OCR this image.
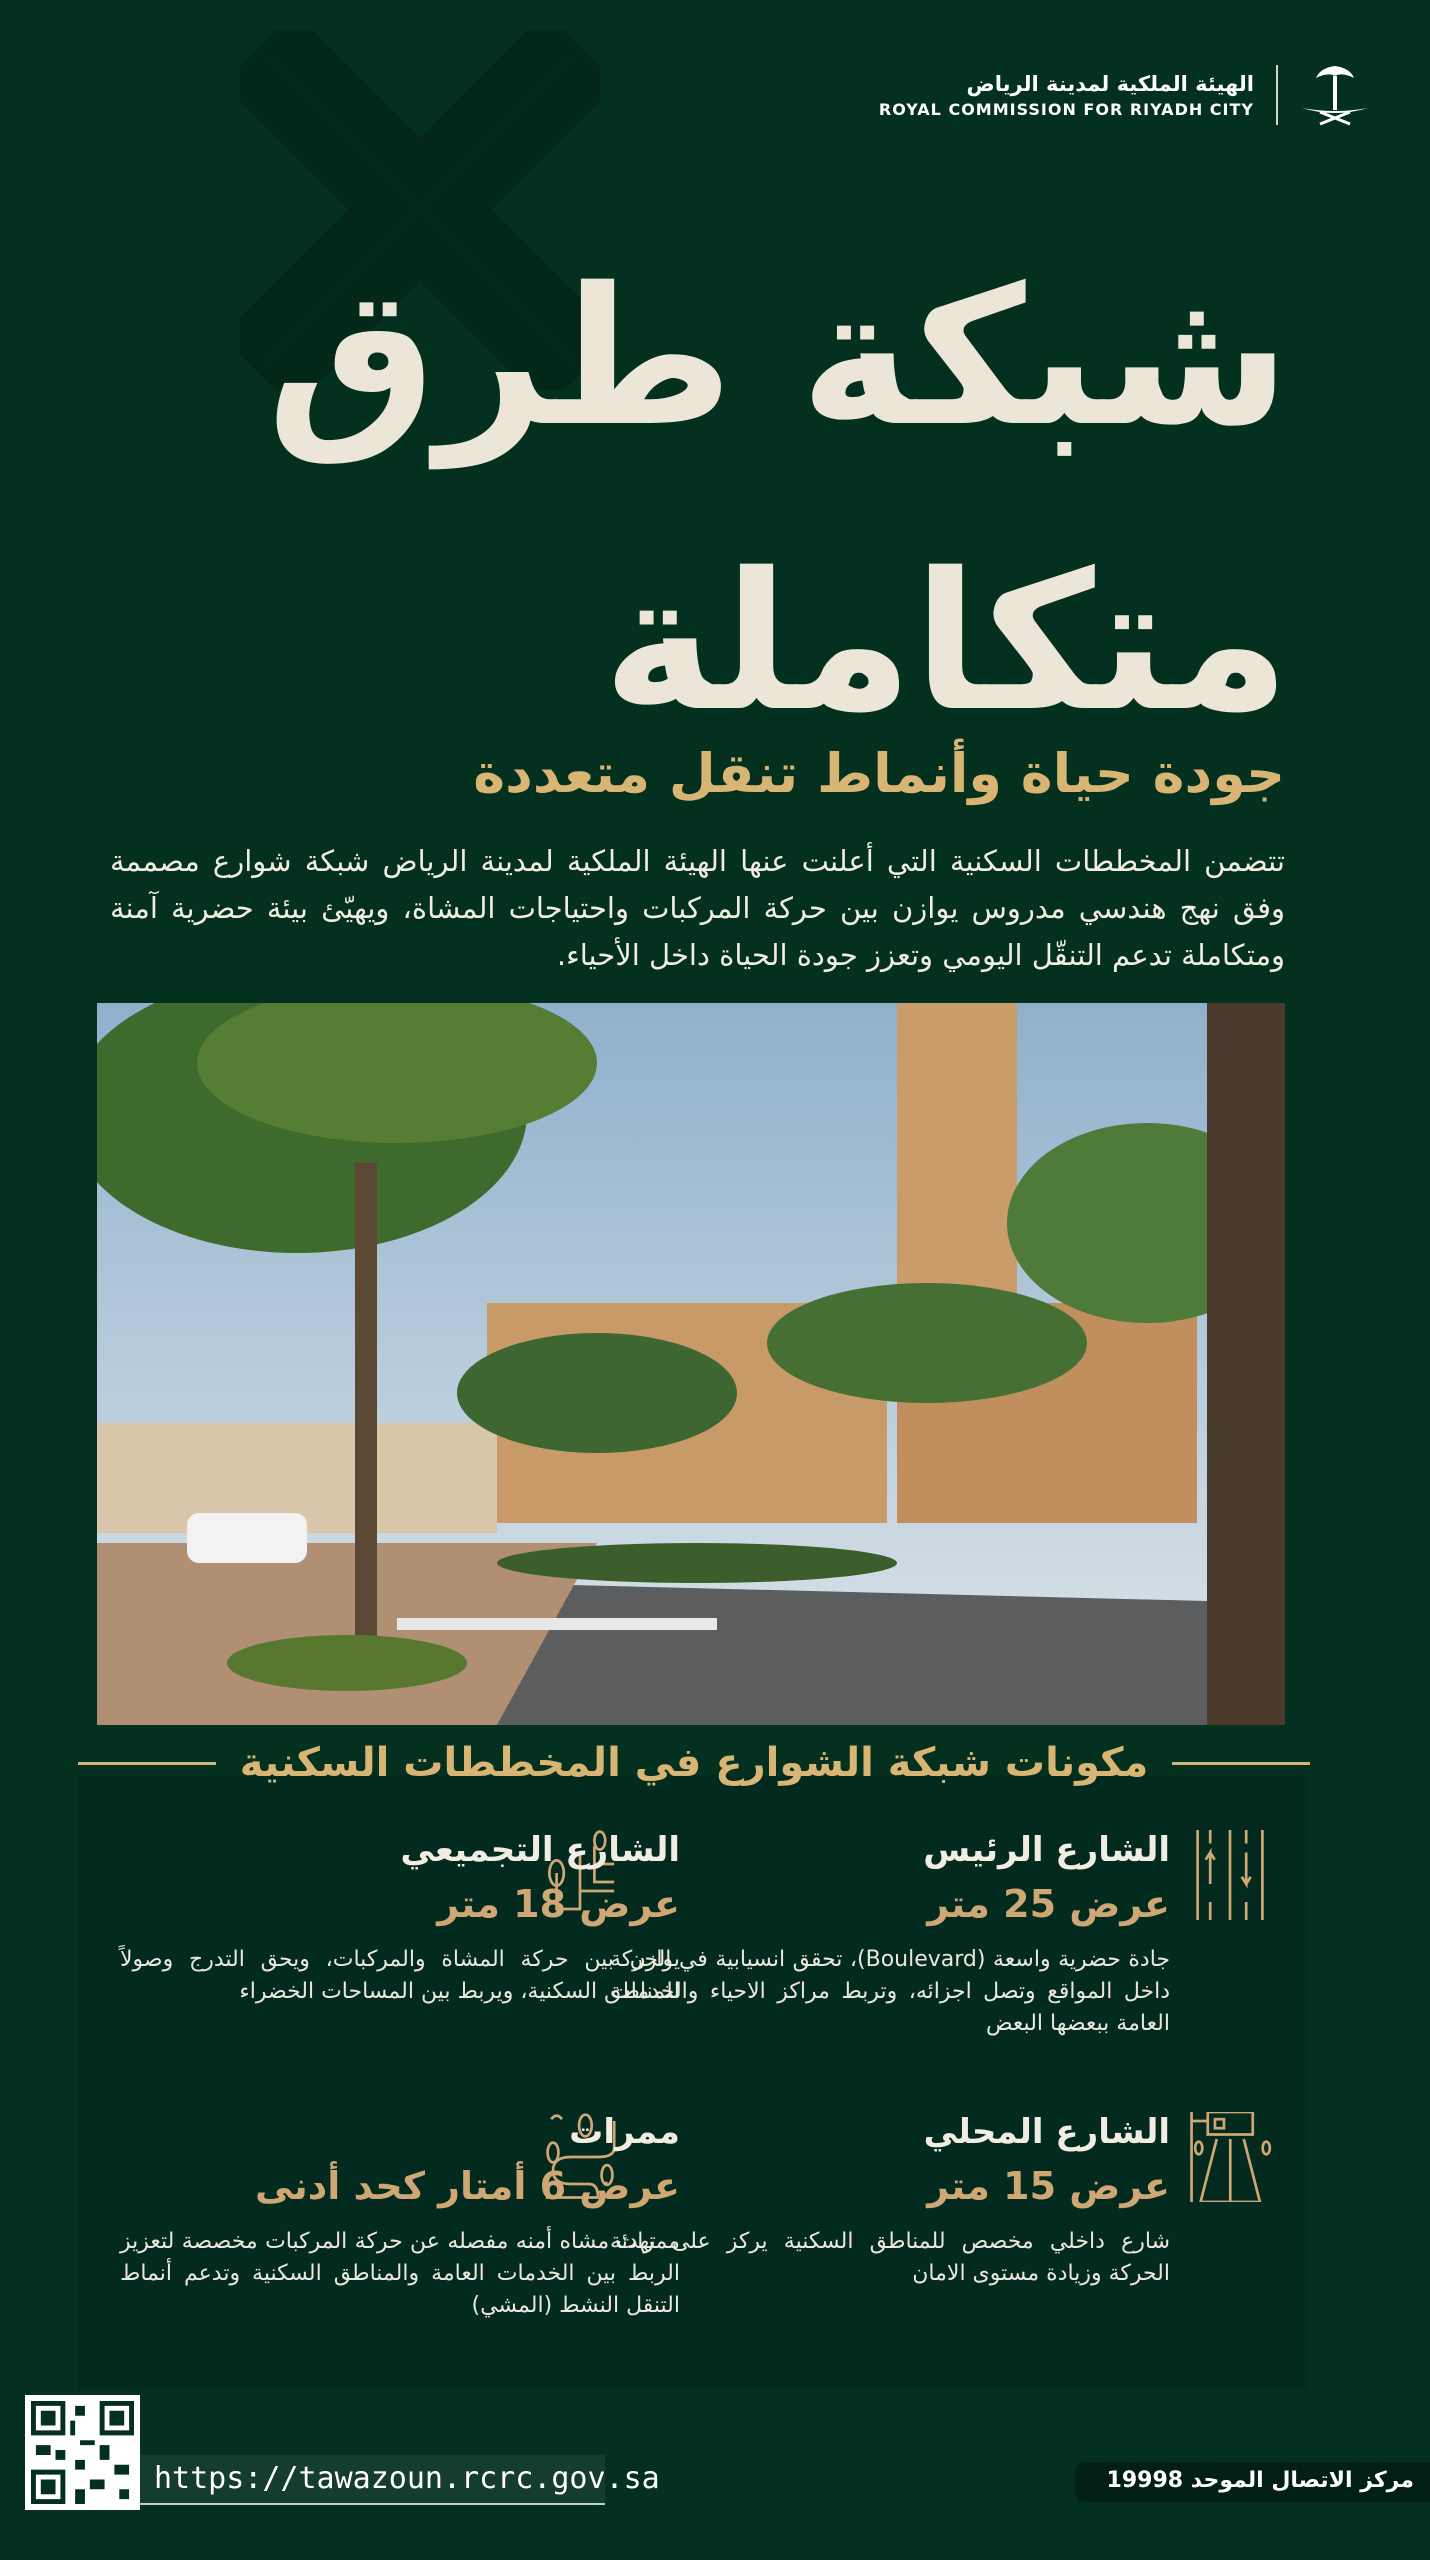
الهيئة الملكية لمدينة الرياض
ROYAL COMMISSION FOR RIYADH CITY
شبكة طرق
متكاملة
جودة حياة وأنماط تنقل متعددة
تتضمن المخططات السكنية التي أعلنت عنها الهيئة الملكية لمدينة الرياض شبكة شوارع مصممة وفق نهج هندسي مدروس يوازن بين حركة المركبات واحتياجات المشاة، ويهيّئ بيئة حضرية آمنة ومتكاملة تدعم التنقّل اليومي وتعزز جودة الحياة داخل الأحياء.
مكونات شبكة الشوارع في المخططات السكنية
الشارع الرئيس
عرض 25 متر
جادة حضرية واسعة (Boulevard)، تحقق انسيابية في الحركة داخل المواقع وتصل اجزائه، وتربط مراكز الاحياء والخدمات العامة ببعضها البعض
الشارع التجميعي
عرض 18 متر
يوازن بين حركة المشاة والمركبات، ويحق التدرج وصولاً للمناطق السكنية، ويربط بين المساحات الخضراء
الشارع المحلي
عرض 15 متر
شارع داخلي مخصص للمناطق السكنية يركز على تهدئة الحركة وزيادة مستوى الامان
ممرات
عرض 6 أمتار كحد أدنى
ممرات مشاه أمنه مفصله عن حركة المركبات مخصصة لتعزيز الربط بين الخدمات العامة والمناطق السكنية وتدعم أنماط التنقل النشط (المشي)
https://tawazoun.rcrc.gov.sa	مركز الاتصال الموحد 19998
